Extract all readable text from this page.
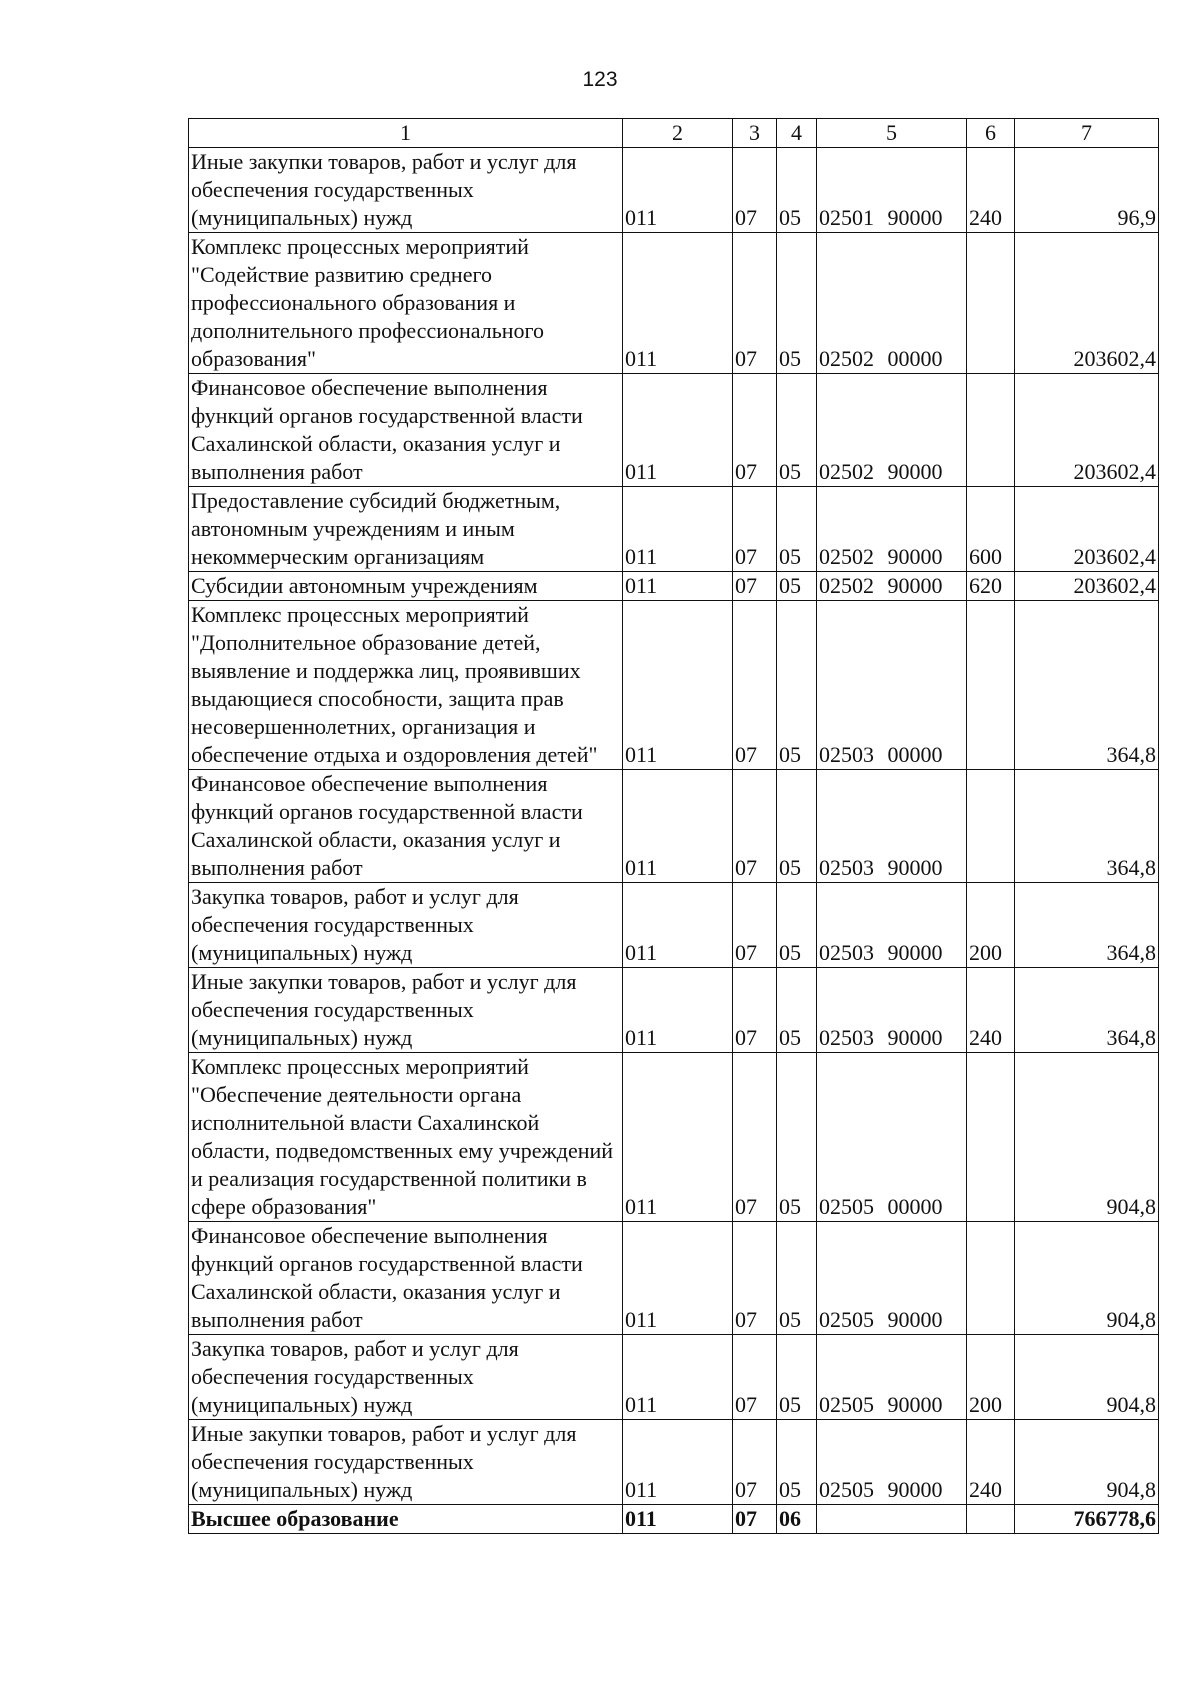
123
1	2	3	4	5	6	7
Иные закупки товаров, работ и услуг для обеспечения государственных (муниципальных) нужд	011	07	05	02501 90000	240	96,9
Комплекс процессных мероприятий "Содействие развитию среднего профессионального образования и дополнительного профессионального образования"	011	07	05	02502 00000		203602,4
Финансовое обеспечение выполнения функций органов государственной власти Сахалинской области, оказания услуг и выполнения работ	011	07	05	02502 90000		203602,4
Предоставление субсидий бюджетным, автономным учреждениям и иным некоммерческим организациям	011	07	05	02502 90000	600	203602,4
Субсидии автономным учреждениям	011	07	05	02502 90000	620	203602,4
Комплекс процессных мероприятий "Дополнительное образование детей, выявление и поддержка лиц, проявивших выдающиеся способности, защита прав несовершеннолетних, организация и обеспечение отдыха и оздоровления детей"	011	07	05	02503 00000		364,8
Финансовое обеспечение выполнения функций органов государственной власти Сахалинской области, оказания услуг и выполнения работ	011	07	05	02503 90000		364,8
Закупка товаров, работ и услуг для обеспечения государственных (муниципальных) нужд	011	07	05	02503 90000	200	364,8
Иные закупки товаров, работ и услуг для обеспечения государственных (муниципальных) нужд	011	07	05	02503 90000	240	364,8
Комплекс процессных мероприятий "Обеспечение деятельности органа исполнительной власти Сахалинской области, подведомственных ему учреждений и реализация государственной политики в сфере образования"	011	07	05	02505 00000		904,8
Финансовое обеспечение выполнения функций органов государственной власти Сахалинской области, оказания услуг и выполнения работ	011	07	05	02505 90000		904,8
Закупка товаров, работ и услуг для обеспечения государственных (муниципальных) нужд	011	07	05	02505 90000	200	904,8
Иные закупки товаров, работ и услуг для обеспечения государственных (муниципальных) нужд	011	07	05	02505 90000	240	904,8
Высшее образование	011	07	06			766778,6
